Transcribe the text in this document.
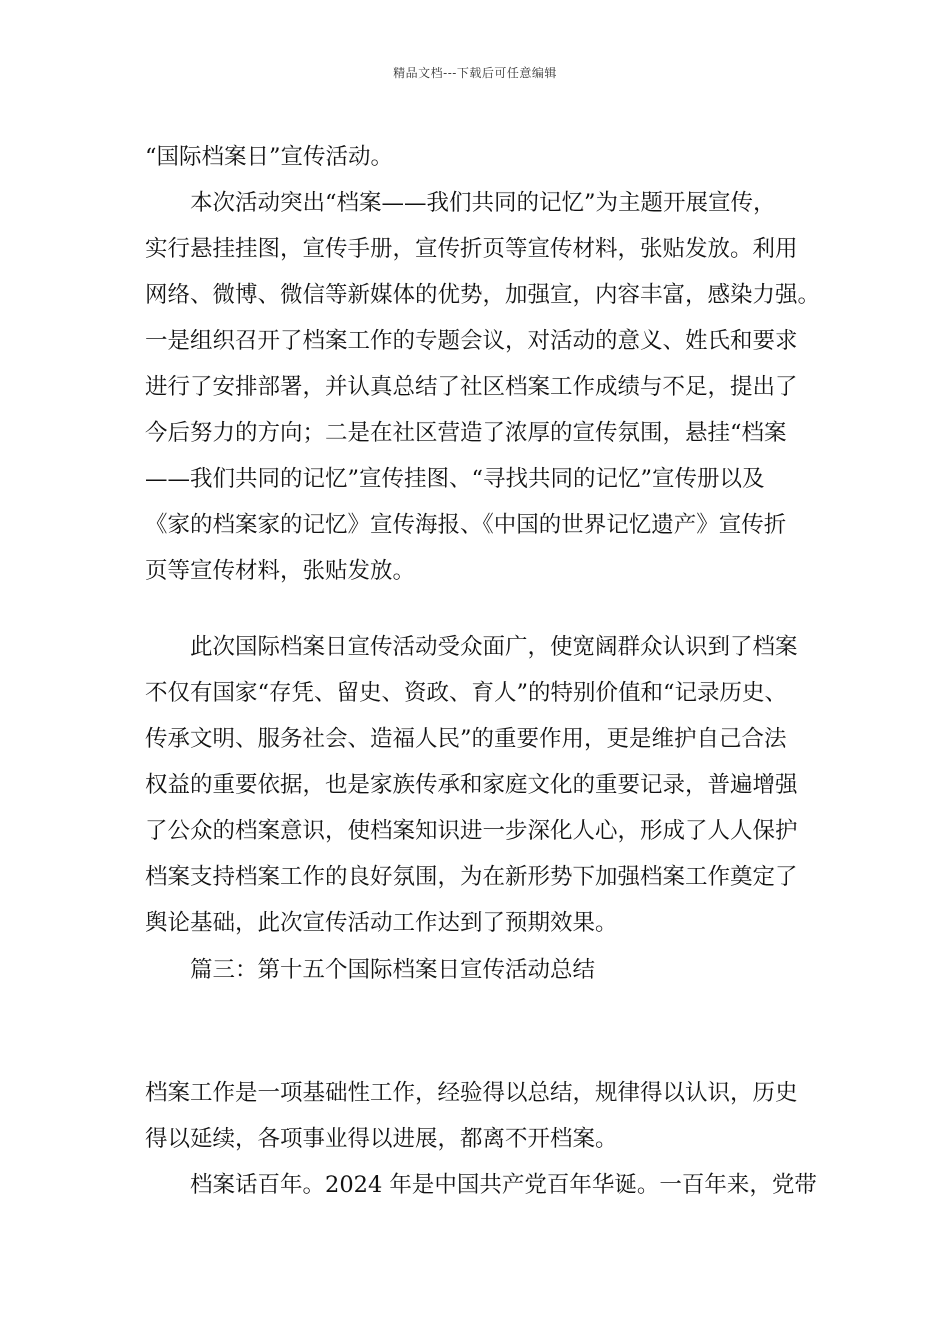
精品文档---下载后可任意编辑
“国际档案日”宣传活动。
本次活动突出“档案——我们共同的记忆”为主题开展宣传，
实行悬挂挂图，宣传手册，宣传折页等宣传材料，张贴发放。利用
网络、微博、微信等新媒体的优势，加强宣，内容丰富，感染力强。
一是组织召开了档案工作的专题会议，对活动的意义、姓氏和要求
进行了安排部署，并认真总结了社区档案工作成绩与不足，提出了
今后努力的方向；二是在社区营造了浓厚的宣传氛围，悬挂“档案
——我们共同的记忆”宣传挂图、“寻找共同的记忆”宣传册以及
《家的档案家的记忆》宣传海报、《中国的世界记忆遗产》宣传折
页等宣传材料，张贴发放。
此次国际档案日宣传活动受众面广，使宽阔群众认识到了档案
不仅有国家“存凭、留史、资政、育人”的特别价值和“记录历史、
传承文明、服务社会、造福人民”的重要作用，更是维护自己合法
权益的重要依据，也是家族传承和家庭文化的重要记录，普遍增强
了公众的档案意识，使档案知识进一步深化人心，形成了人人保护
档案支持档案工作的良好氛围，为在新形势下加强档案工作奠定了
舆论基础，此次宣传活动工作达到了预期效果。
篇三：第十五个国际档案日宣传活动总结
档案工作是一项基础性工作，经验得以总结，规律得以认识，历史
得以延续，各项事业得以进展，都离不开档案。
档案话百年。2024 年是中国共产党百年华诞。一百年来，党带
